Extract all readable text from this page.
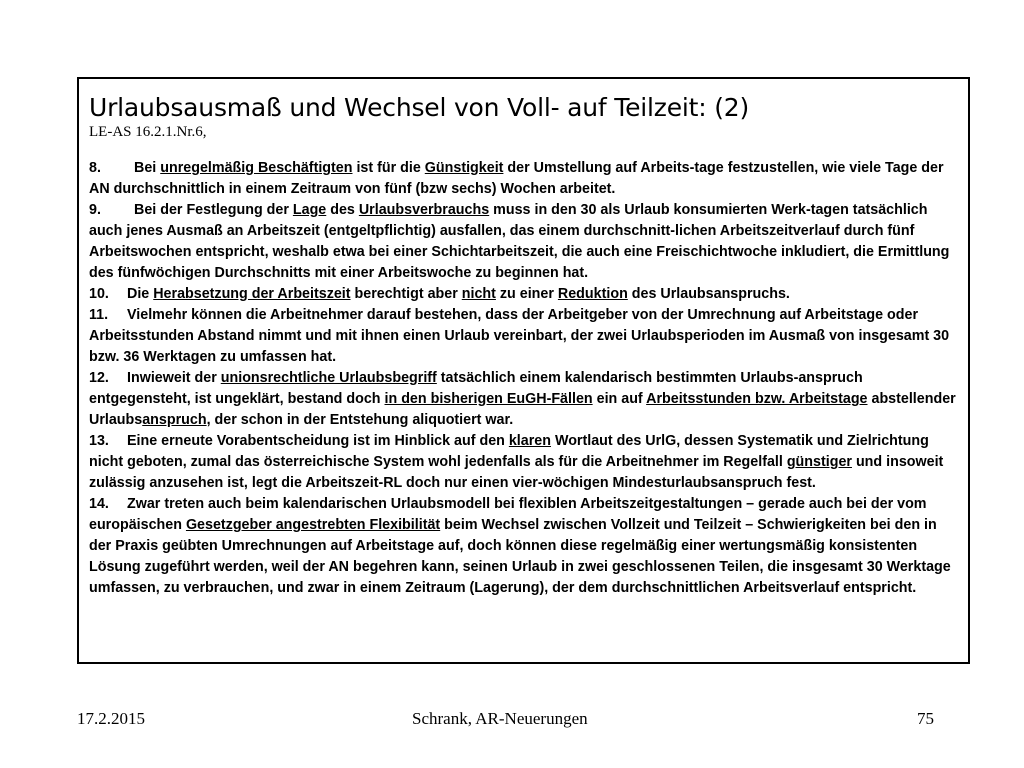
Urlaubsausmaß und Wechsel von Voll- auf Teilzeit: (2)

LE-AS 16.2.1.Nr.6,

8. Bei unregelmäßig Beschäftigten ist für die Günstigkeit der Umstellung auf Arbeits-tage festzustellen, wie viele Tage der AN durchschnittlich in einem Zeitraum von fünf (bzw sechs) Wochen arbeitet.

9. Bei der Festlegung der Lage des Urlaubsverbrauchs muss in den 30 als Urlaub konsumierten Werk-tagen tatsächlich auch jenes Ausmaß an Arbeitszeit (entgeltpflichtig) ausfallen, das einem durchschnitt-lichen Arbeitszeitverlauf durch fünf Arbeitswochen entspricht, weshalb etwa bei einer Schichtarbeitszeit, die auch eine Freischichtwoche inkludiert, die Ermittlung des fünfwöchigen Durchschnitts mit einer Arbeitswoche zu beginnen hat.

10. Die Herabsetzung der Arbeitszeit berechtigt aber nicht zu einer Reduktion des Urlaubsanspruchs.

11. Vielmehr können die Arbeitnehmer darauf bestehen, dass der Arbeitgeber von der Umrechnung auf Arbeitstage oder Arbeitsstunden Abstand nimmt und mit ihnen einen Urlaub vereinbart, der zwei Urlaubsperioden im Ausmaß von insgesamt 30 bzw. 36 Werktagen zu umfassen hat.

12. Inwieweit der unionsrechtliche Urlaubsbegriff tatsächlich einem kalendarisch bestimmten Urlaubs-anspruch entgegensteht, ist ungeklärt, bestand doch in den bisherigen EuGH-Fällen ein auf Arbeitsstunden bzw. Arbeitstage abstellender Urlaubsanspruch, der schon in der Entstehung aliquotiert war.

13. Eine erneute Vorabentscheidung ist im Hinblick auf den klaren Wortlaut des UrlG, dessen Systematik und Zielrichtung nicht geboten, zumal das österreichische System wohl jedenfalls als für die Arbeitnehmer im Regelfall günstiger und insoweit zulässig anzusehen ist, legt die Arbeitszeit-RL doch nur einen vier-wöchigen Mindesturlaubsanspruch fest.

14. Zwar treten auch beim kalendarischen Urlaubsmodell bei flexiblen Arbeitszeitgestaltungen – gerade auch bei der vom europäischen Gesetzgeber angestrebten Flexibilität beim Wechsel zwischen Vollzeit und Teilzeit – Schwierigkeiten bei den in der Praxis geübten Umrechnungen auf Arbeitstage auf, doch können diese regelmäßig einer wertungsmäßig konsistenten Lösung zugeführt werden, weil der AN begehren kann, seinen Urlaub in zwei geschlossenen Teilen, die insgesamt 30 Werktage umfassen, zu verbrauchen, und zwar in einem Zeitraum (Lagerung), der dem durchschnittlichen Arbeitsverlauf entspricht.

17.2.2015	Schrank, AR-Neuerungen	75
